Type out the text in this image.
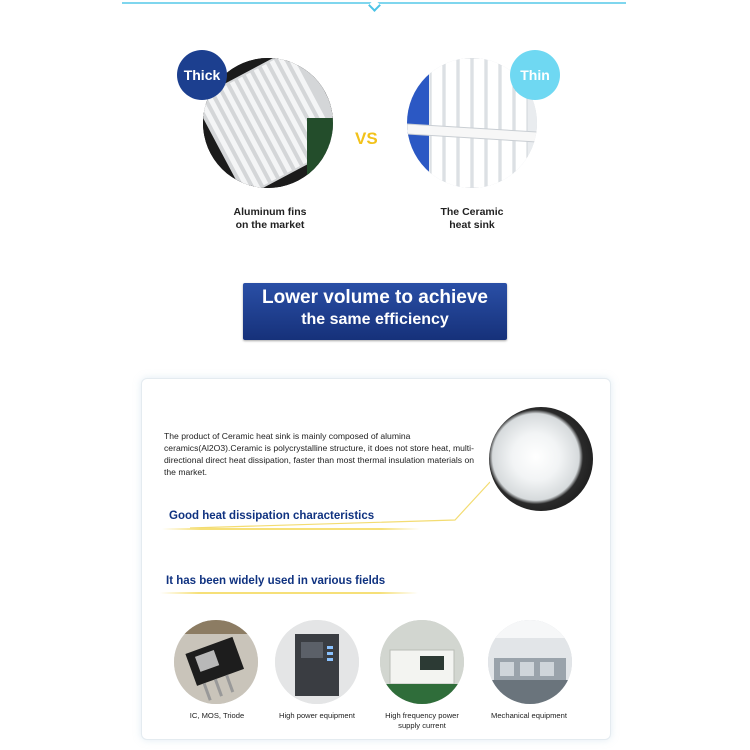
Thick	Thin
VS
Aluminum fins
on the market
The Ceramic
heat sink
Lower volume to achieve
the same efficiency
The product of Ceramic heat sink is mainly composed of alumina ceramics(Al2O3).Ceramic is polycrystalline structure, it does not store heat, multi-directional direct heat dissipation, faster than most thermal insulation materials on the market.
Good heat dissipation characteristics
It has been widely used in various fields
IC, MOS, Triode	High power equipment	High frequency power
supply current
Mechanical equipment
